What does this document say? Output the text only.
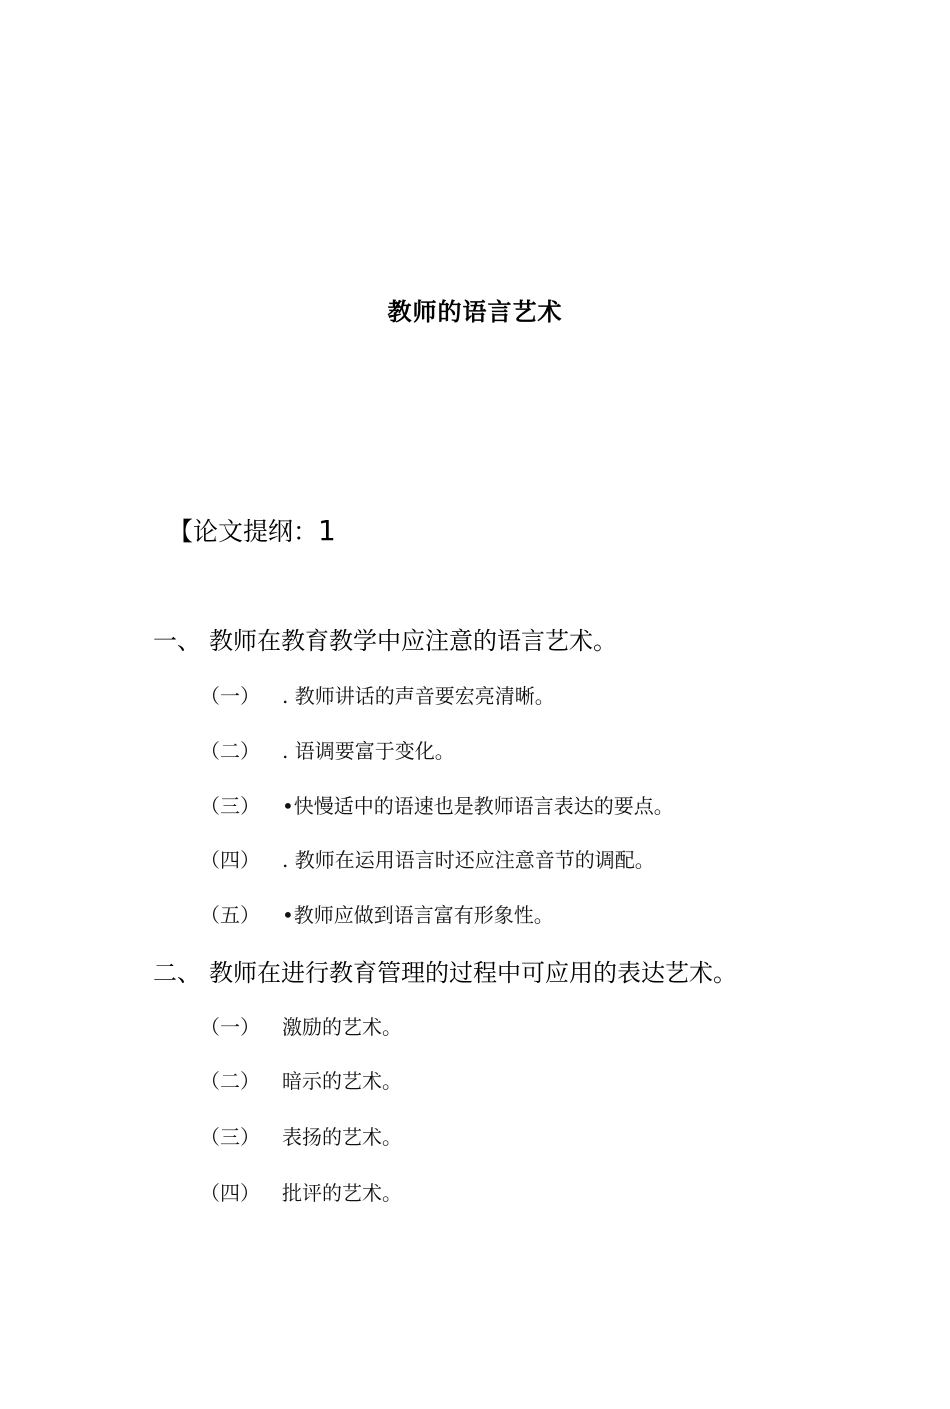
教师的语言艺术
【论文提纲：1
一、 教师在教育教学中应注意的语言艺术。
（一） . 教师讲话的声音要宏亮清晰。
（二） . 语调要富于变化。
（三） •快慢适中的语速也是教师语言表达的要点。
（四） . 教师在运用语言时还应注意音节的调配。
（五） •教师应做到语言富有形象性。
二、 教师在进行教育管理的过程中可应用的表达艺术。
（一） 激励的艺术。
（二） 暗示的艺术。
（三） 表扬的艺术。
（四） 批评的艺术。
